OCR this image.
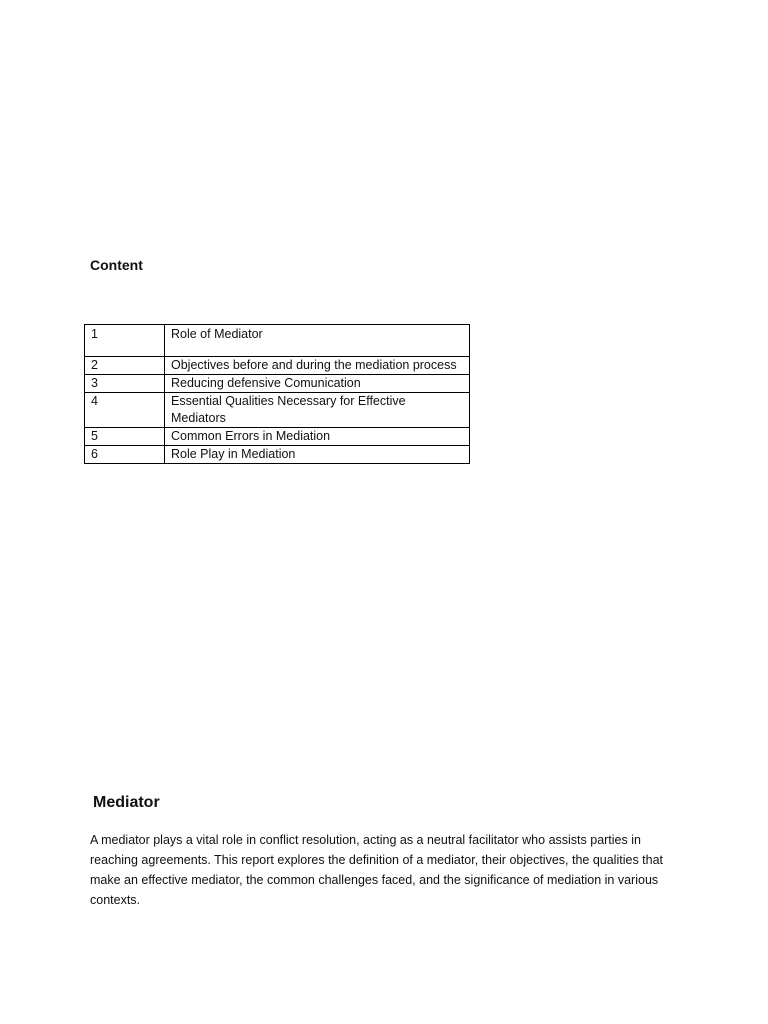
Content
1	Role of Mediator
2	Objectives before and during the mediation process
3	Reducing defensive Comunication
4	Essential Qualities Necessary for Effective Mediators
5	Common Errors in Mediation
6	Role Play in Mediation
Mediator

A mediator plays a vital role in conflict resolution, acting as a neutral facilitator who assists parties in reaching agreements. This report explores the definition of a mediator, their objectives, the qualities that make an effective mediator, the common challenges faced, and the significance of mediation in various contexts.
